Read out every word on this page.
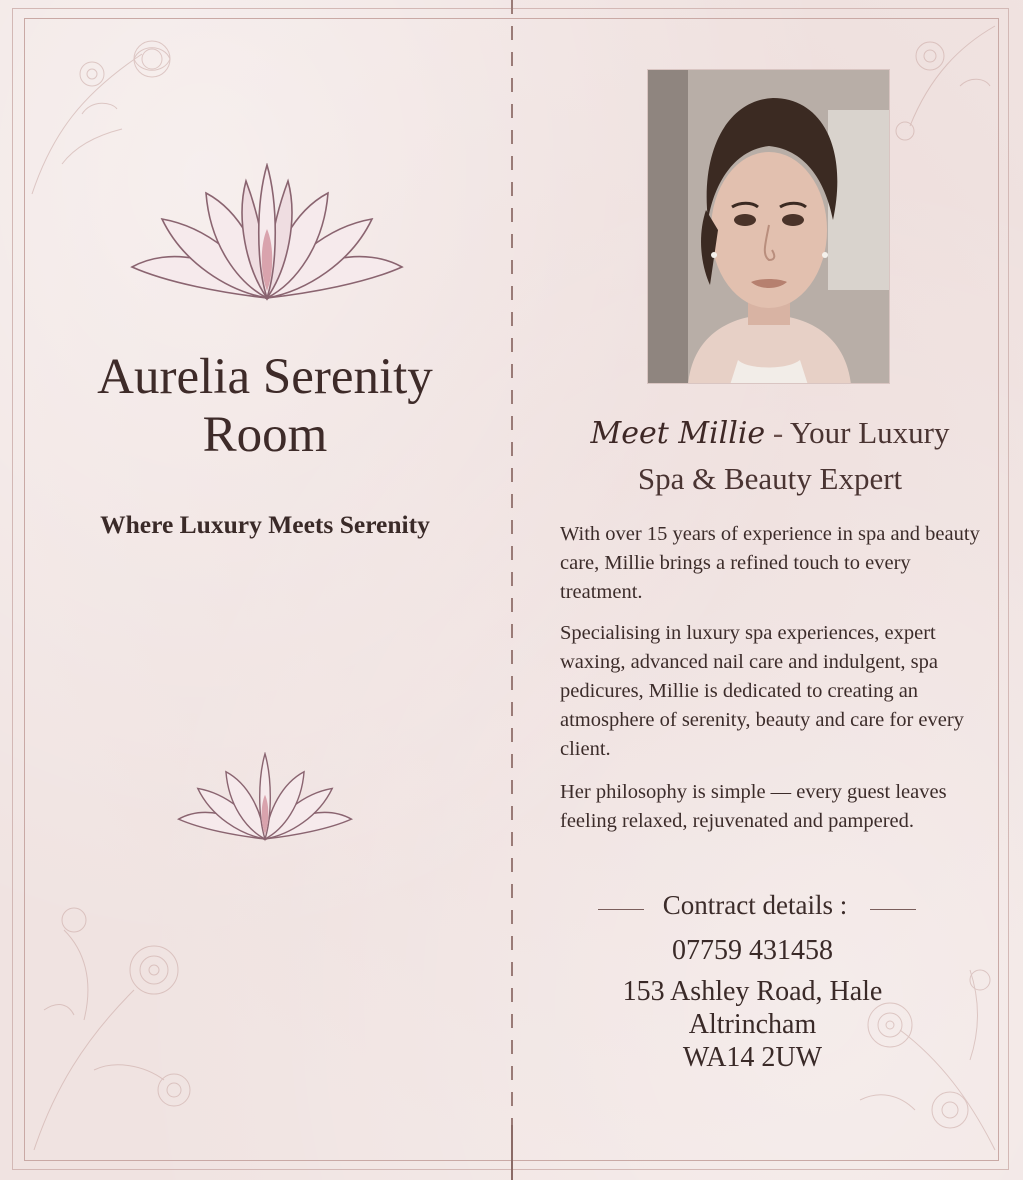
Aurelia Serenity
Room
Where Luxury Meets Serenity
Meet Millie - Your Luxury
Spa & Beauty Expert
With over 15 years of experience in spa and beauty care, Millie brings a refined touch to every treatment.
Specialising in luxury spa experiences, expert waxing, advanced nail care and indulgent, spa pedicures, Millie is dedicated to creating an atmosphere of serenity, beauty and care for every client.
Her philosophy is simple — every guest leaves feeling relaxed, rejuvenated and pampered.
Contract details :
07759 431458
153 Ashley Road, Hale
Altrincham
WA14 2UW
